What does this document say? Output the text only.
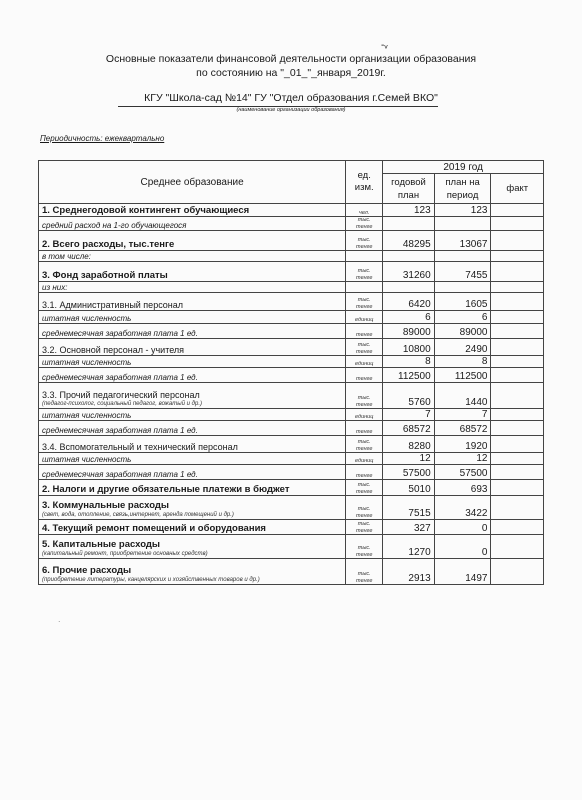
-ᵥ
Основные показатели финансовой деятельности организации образования
по состоянию на "_01_"_января_2019г.
КГУ "Школа-сад №14" ГУ "Отдел образования г.Семей ВКО"
(наименование организации образования)
Периодичность: ежеквартально
Среднее образование	ед. изм.	2019 год		
		годовой план	план на период	факт
1. Среднегодовой контингент обучающиеся	чел.	123	123	
средний расход на 1-го обучающегося	тыс. тенге			
2. Всего расходы, тыс.тенге	тыс. тенге	48295	13067	
в том числе:				
3. Фонд заработной платы	тыс. тенге	31260	7455	
из них:				
3.1. Административный персонал	тыс. тенге	6420	1605	
штатная численность	единиц	6	6	
среднемесячная заработная плата 1 ед.	тенге	89000	89000	
3.2. Основной персонал - учителя	тыс. тенге	10800	2490	
штатная численность	единиц	8	8	
среднемесячная заработная плата 1 ед.	тенге	112500	112500	
3.3. Прочий педагогический персонал
(педагог-психолог, социальный педагог, вожатый и др.)	тыс. тенге	5760	1440	
штатная численность	единиц	7	7	
среднемесячная заработная плата 1 ед.	тенге	68572	68572	
3.4. Вспомогательный и технический персонал	тыс. тенге	8280	1920	
штатная численность	единиц	12	12	
среднемесячная заработная плата 1 ед.	тенге	57500	57500	
2. Налоги и другие обязательные платежи в бюджет	тыс. тенге	5010	693	
3. Коммунальные расходы
(свет, вода, отопление, связь,интернет, аренда помещений и др.)	тыс. тенге	7515	3422	
4. Текущий ремонт помещений и оборудования	тыс. тенге	327	0	
5. Капитальные расходы
(капитальный ремонт, приобретение основных средств)	тыс. тенге	1270	0	
6. Прочие расходы
(приобретение литературы, канцелярских и хозяйственных товаров и др.)	тыс. тенге	2913	1497	
.
